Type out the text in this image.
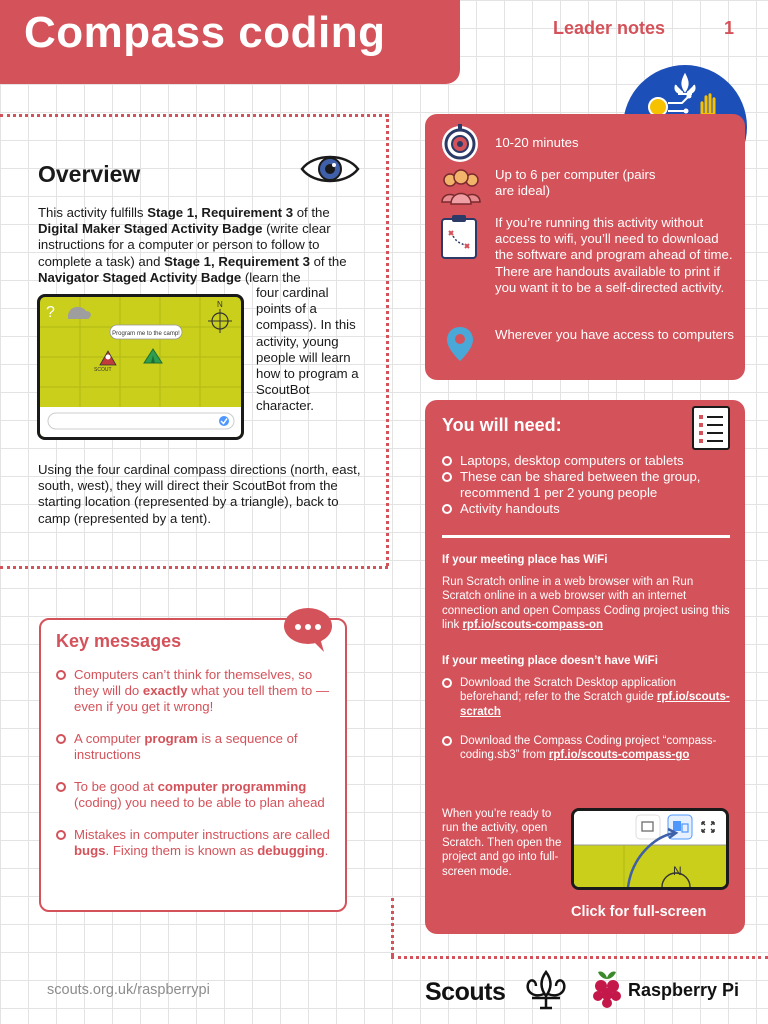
Compass coding	Leader notes	1
Overview
This activity fulfills Stage 1, Requirement 3 of the Digital Maker Staged Activity Badge (write clear instructions for a computer or person to follow to complete a task) and Stage 1, Requirement 3 of the Navigator Staged Activity Badge (learn the
four cardinal points of a compass). In this activity, young people will learn how to program a ScoutBot character.
Using the four cardinal compass directions (north, east, south, west), they will direct their ScoutBot from the starting location (represented by a triangle), back to camp (represented by a tent).
?	N
Program me to the camp!
SCOUT
Key messages
Computers can’t think for themselves, so they will do exactly what you tell them to — even if you get it wrong!
A computer program is a sequence of instructions
To be good at computer programming (coding) you need to be able to plan ahead
Mistakes in computer instructions are called bugs. Fixing them is known as debugging.
10-20 minutes
Up to 6 per computer (pairs are ideal)
If you’re running this activity without access to wifi, you’ll need to download the software and program ahead of time. There are handouts available to print if you want it to be a self-directed activity.
Wherever you have access to computers
You will need:
Laptops, desktop computers or tablets
These can be shared between the group, recommend 1 per 2 young people
Activity handouts
If your meeting place has WiFi
Run Scratch online in a web browser with an Run Scratch online in a web browser with an internet connection and open Compass Coding project using this link rpf.io/scouts-compass-on
If your meeting place doesn’t have WiFi
Download the Scratch Desktop application beforehand; refer to the Scratch guide rpf.io/scouts-scratch
Download the Compass Coding project “compass-coding.sb3” from rpf.io/scouts-compass-go
When you’re ready to run the activity, open Scratch. Then open the project and go into full-screen mode.	N
Click for full-screen
scouts.org.uk/raspberrypi	Scouts	Raspberry Pi
